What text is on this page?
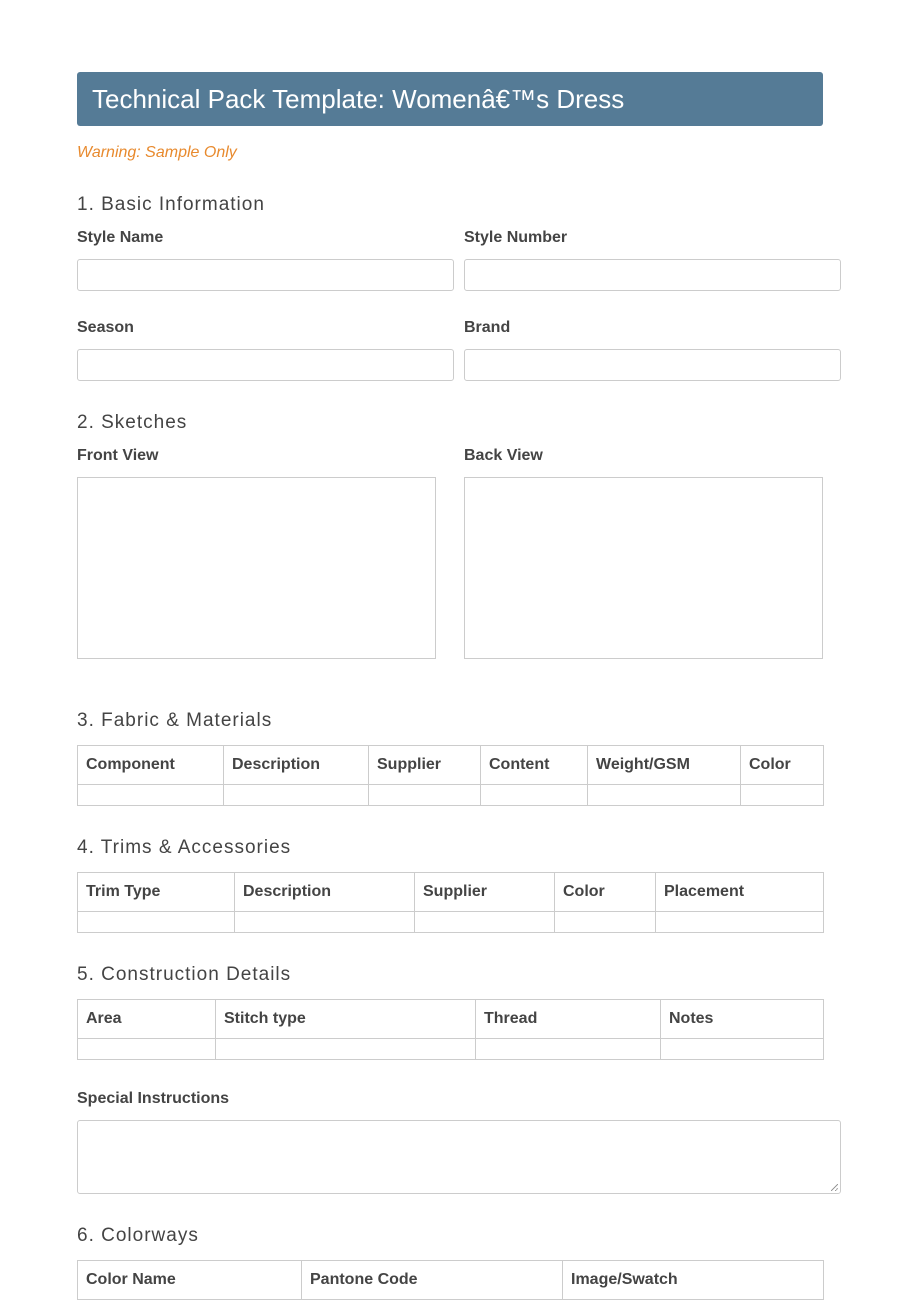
Technical Pack Template: Womenâ€™s Dress
Warning: Sample Only
1. Basic Information
Style Name	Style Number
Season	Brand
2. Sketches
Front View	Back View
3. Fabric & Materials
Component	Description	Supplier	Content	Weight/GSM	Color

4. Trims & Accessories
Trim Type	Description	Supplier	Color	Placement

5. Construction Details
Area	Stitch type	Thread	Notes

Special Instructions
6. Colorways
Color Name	Pantone Code	Image/Swatch
